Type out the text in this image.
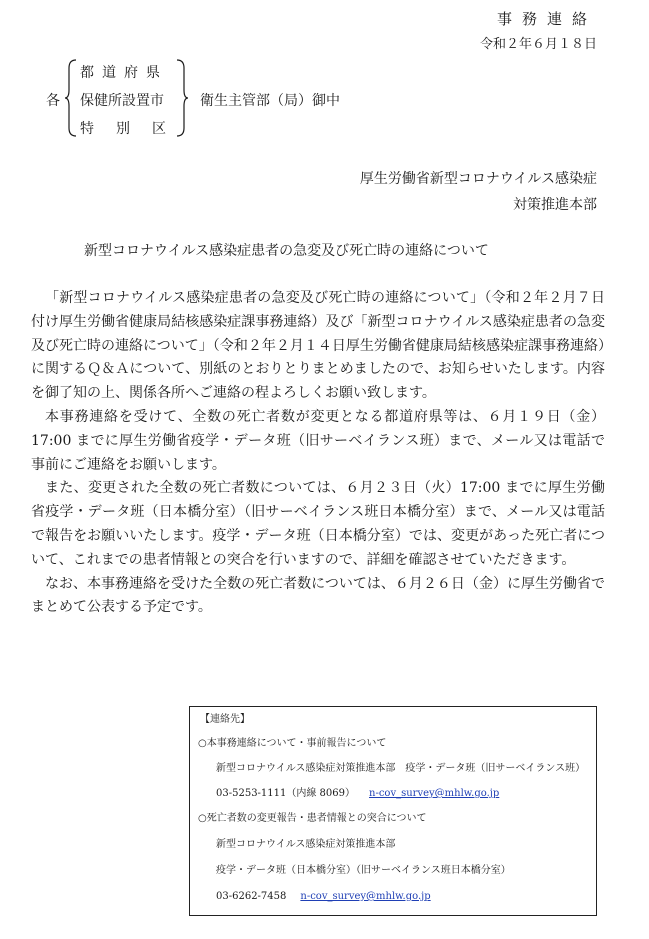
事務連絡
令和２年６月１８日
各
都道府県
保健所設置市
特別区
衛生主管部（局）御中
厚生労働省新型コロナウイルス感染症
対策推進本部
新型コロナウイルス感染症患者の急変及び死亡時の連絡について

「新型コロナウイルス感染症患者の急変及び死亡時の連絡について」（令和２年２月７日付け厚生労働省健康局結核感染症課事務連絡）及び「新型コロナウイルス感染症患者の急変及び死亡時の連絡について」（令和２年２月１４日厚生労働省健康局結核感染症課事務連絡）に関するＱ＆Ａについて、別紙のとおりとりまとめましたので、お知らせいたします。内容を御了知の上、関係各所へご連絡の程よろしくお願い致します。

本事務連絡を受けて、全数の死亡者数が変更となる都道府県等は、６月１９日（金）17:00 までに厚生労働省疫学・データ班（旧サーベイランス班）まで、メール又は電話で事前にご連絡をお願いします。

また、変更された全数の死亡者数については、６月２３日（火）17:00 までに厚生労働省疫学・データ班（日本橋分室）（旧サーベイランス班日本橋分室）まで、メール又は電話で報告をお願いいたします。疫学・データ班（日本橋分室）では、変更があった死亡者について、これまでの患者情報との突合を行いますので、詳細を確認させていただきます。

なお、本事務連絡を受けた全数の死亡者数については、６月２６日（金）に厚生労働省でまとめて公表する予定です。

【連絡先】
○本事務連絡について・事前報告について
新型コロナウイルス感染症対策推進本部　疫学・データ班（旧サーベイランス班）
03-5253-1111（内線 8069） n-cov_survey@mhlw.go.jp
○死亡者数の変更報告・患者情報との突合について
新型コロナウイルス感染症対策推進本部
疫学・データ班（日本橋分室）（旧サーベイランス班日本橋分室）
03-6262-7458 n-cov_survey@mhlw.go.jp
